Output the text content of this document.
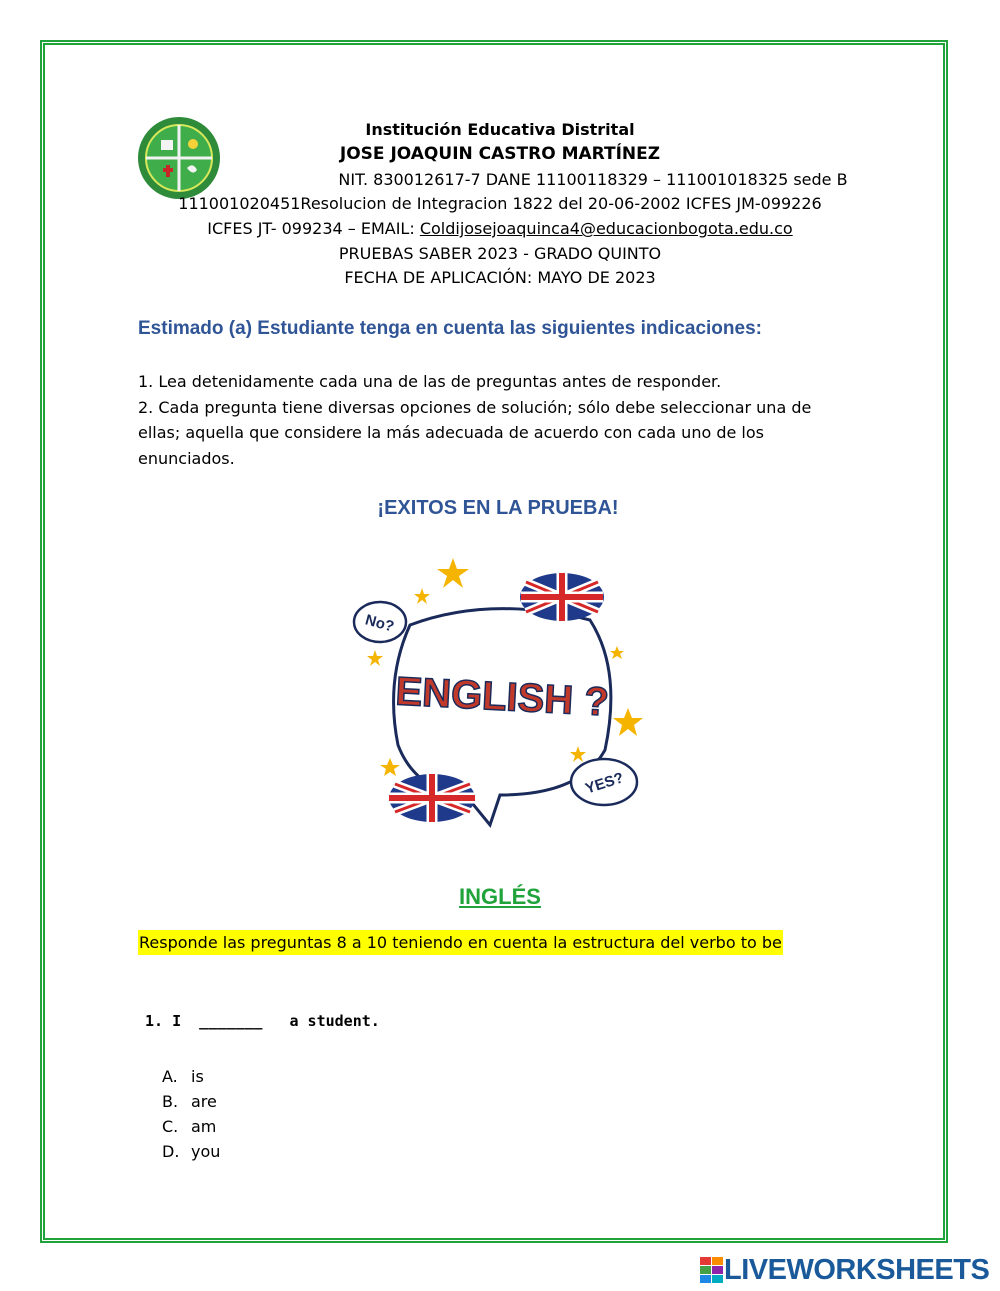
Institución Educativa Distrital
JOSE JOAQUIN CASTRO MARTÍNEZ
NIT. 830012617-7 DANE 11100118329 – 111001018325 sede B
111001020451Resolucion de Integracion 1822 del 20-06-2002 ICFES JM-099226
ICFES JT- 099234 – EMAIL: Coldijosejoaquinca4@educacionbogota.edu.co
PRUEBAS SABER 2023 - GRADO QUINTO
FECHA DE APLICACIÓN: MAYO DE 2023
Estimado (a) Estudiante tenga en cuenta las siguientes indicaciones:
1. Lea detenidamente cada una de las de preguntas antes de responder.
2. Cada pregunta tiene diversas opciones de solución; sólo debe seleccionar una de ellas; aquella que considere la más adecuada de acuerdo con cada uno de los enunciados.
¡EXITOS EN LA PRUEBA!
No?
YES?
ENGLISH ?
INGLÉS
Responde las preguntas 8 a 10 teniendo en cuenta la estructura del verbo to be
1. I  _______   a student.
A. is
B. are
C. am
D. you
LIVEWORKSHEETS
